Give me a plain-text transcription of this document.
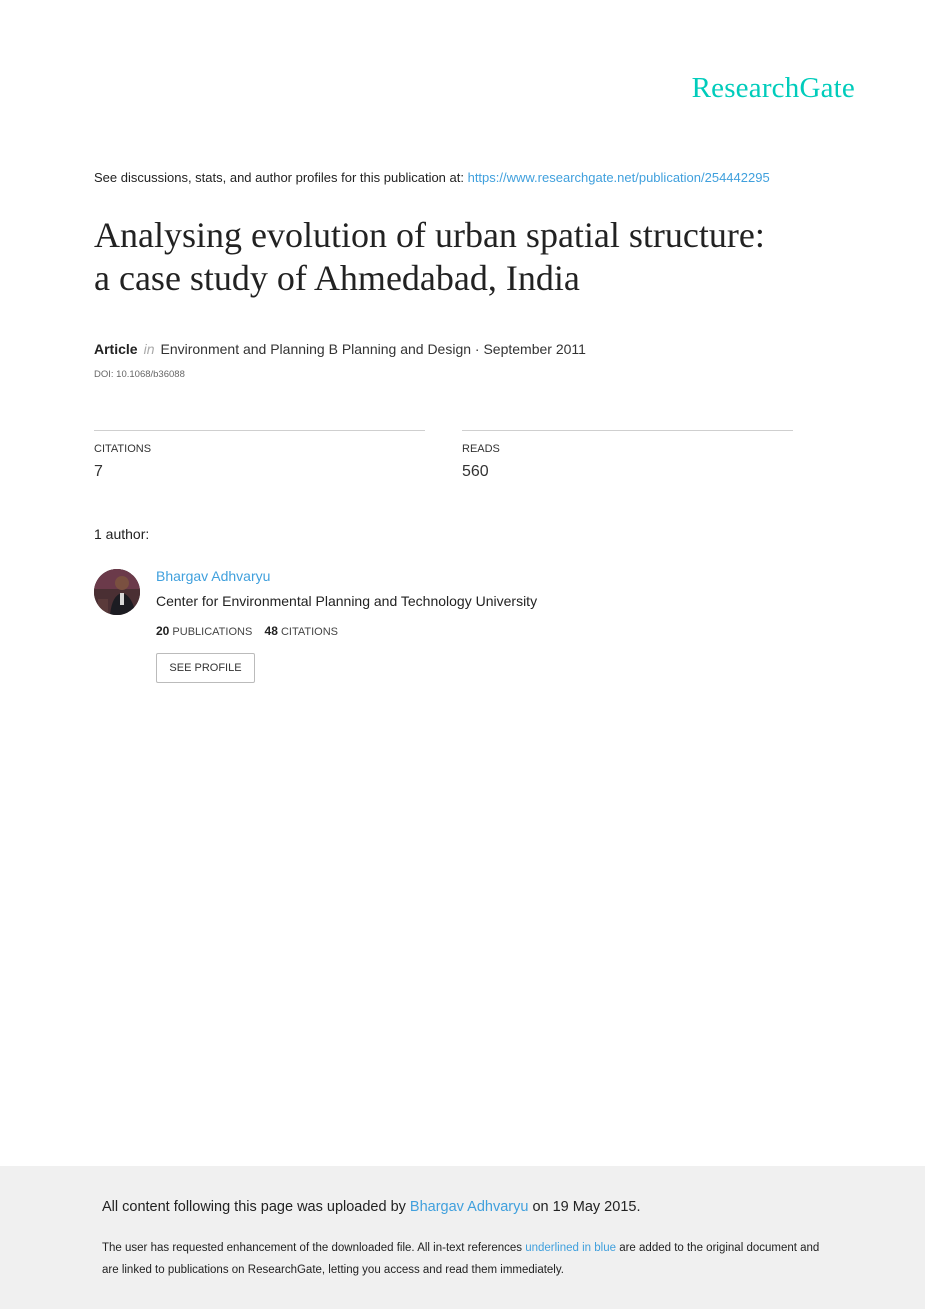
ResearchGate
See discussions, stats, and author profiles for this publication at: https://www.researchgate.net/publication/254442295
Analysing evolution of urban spatial structure:
a case study of Ahmedabad, India
Article in Environment and Planning B Planning and Design · September 2011
DOI: 10.1068/b36088
CITATIONS
7
READS
560
1 author:
Bhargav Adhvaryu
Center for Environmental Planning and Technology University
20 PUBLICATIONS 48 CITATIONS
SEE PROFILE
All content following this page was uploaded by Bhargav Adhvaryu on 19 May 2015.
The user has requested enhancement of the downloaded file. All in-text references underlined in blue are added to the original document and are linked to publications on ResearchGate, letting you access and read them immediately.
